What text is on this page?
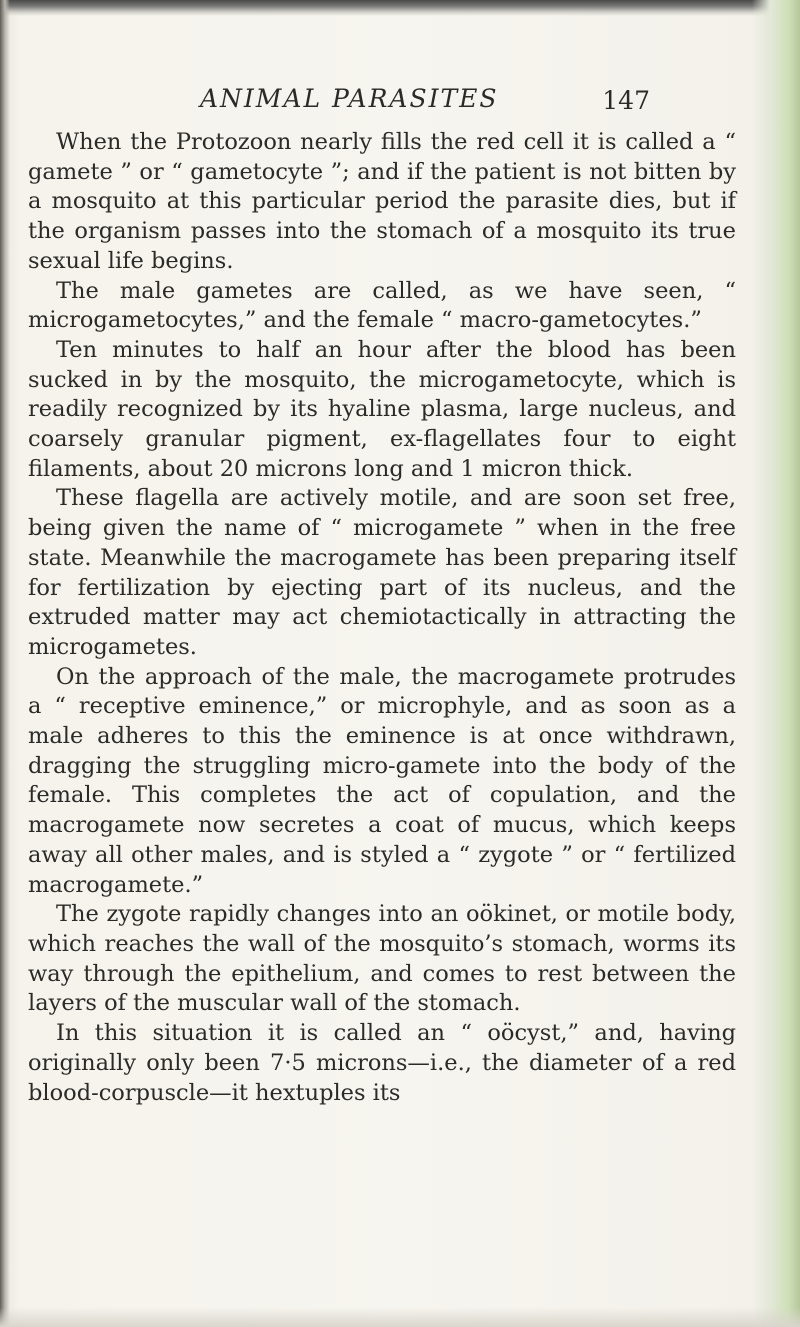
ANIMAL PARASITES	147

When the Protozoon nearly fills the red cell it is called a “ gamete ” or “ gametocyte ”; and if the patient is not bitten by a mosquito at this particular period the parasite dies, but if the organism passes into the stomach of a mosquito its true sexual life begins.

The male gametes are called, as we have seen, “ microgametocytes,” and the female “ macro-gametocytes.”

Ten minutes to half an hour after the blood has been sucked in by the mosquito, the microgametocyte, which is readily recognized by its hyaline plasma, large nucleus, and coarsely granular pigment, ex-flagellates four to eight filaments, about 20 microns long and 1 micron thick.

These flagella are actively motile, and are soon set free, being given the name of “ microgamete ” when in the free state. Meanwhile the macrogamete has been preparing itself for fertilization by ejecting part of its nucleus, and the extruded matter may act chemiotactically in attracting the microgametes.

On the approach of the male, the macrogamete protrudes a “ receptive eminence,” or microphyle, and as soon as a male adheres to this the eminence is at once withdrawn, dragging the struggling micro-gamete into the body of the female. This completes the act of copulation, and the macrogamete now secretes a coat of mucus, which keeps away all other males, and is styled a “ zygote ” or “ fertilized macrogamete.”

The zygote rapidly changes into an oökinet, or motile body, which reaches the wall of the mosquito’s stomach, worms its way through the epithelium, and comes to rest between the layers of the muscular wall of the stomach.

In this situation it is called an “ oöcyst,” and, having originally only been 7·5 microns—i.e., the diameter of a red blood-corpuscle—it hextuples its
